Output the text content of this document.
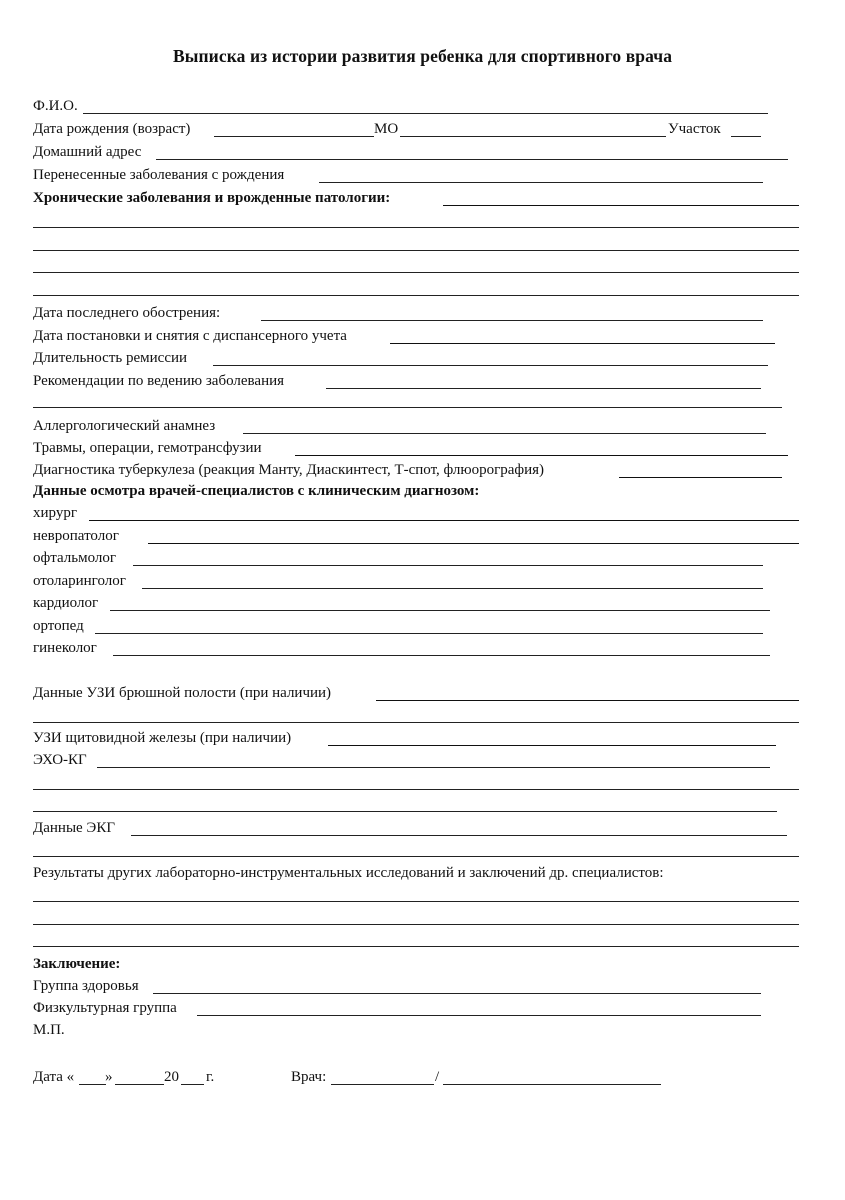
Выписка из истории развития ребенка для спортивного врача
Ф.И.О.
Дата рождения (возраст)	МО	Участок
Домашний адрес
Перенесенные заболевания с рождения
Хронические заболевания и врожденные патологии:
Дата последнего обострения:
Дата постановки и снятия с диспансерного учета
Длительность ремиссии
Рекомендации по ведению заболевания
Аллергологический анамнез
Травмы, операции, гемотрансфузии
Диагностика туберкулеза (реакция Манту, Диаскинтест, Т-спот, флюорография)
Данные осмотра врачей-специалистов с клиническим диагнозом:
хирург
невропатолог
офтальмолог
отоларинголог
кардиолог
ортопед
гинеколог
Данные УЗИ брюшной полости (при наличии)
УЗИ щитовидной железы (при наличии)
ЭХО-КГ
Данные ЭКГ
Результаты других лабораторно-инструментальных исследований и заключений др. специалистов:
Заключение:
Группа здоровья
Физкультурная группа
М.П.
Дата « »	20 г.	Врач:	/
